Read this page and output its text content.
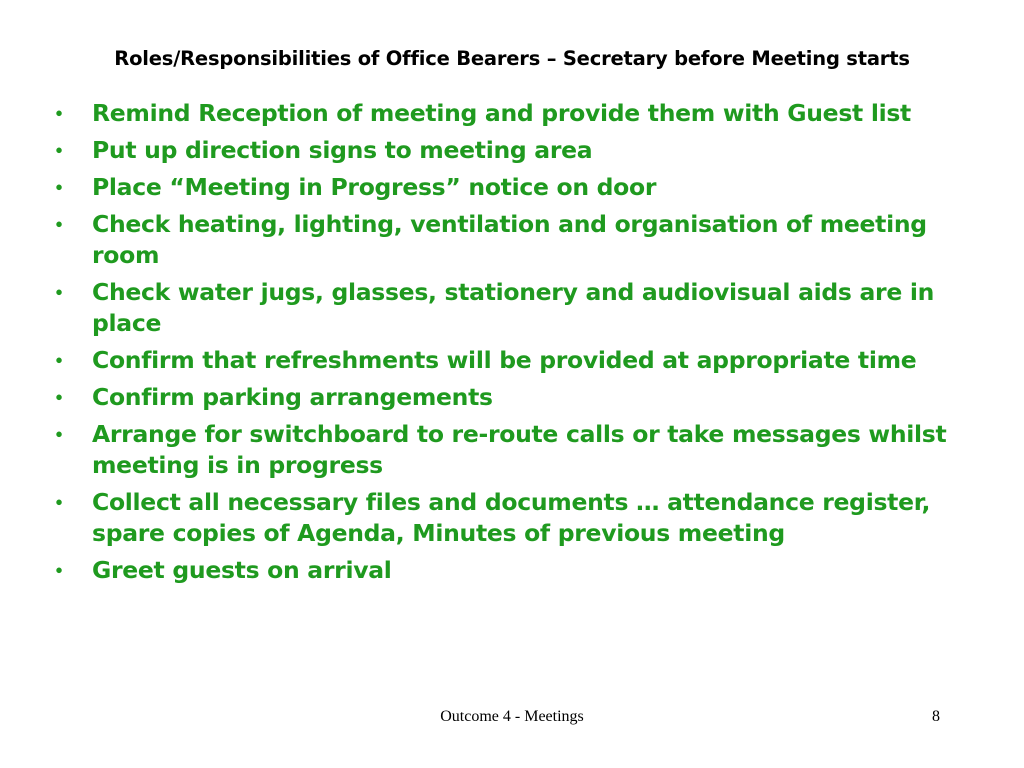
Roles/Responsibilities of Office Bearers – Secretary before Meeting starts
• Remind Reception of meeting and provide them with Guest list
• Put up direction signs to meeting area
• Place “Meeting in Progress” notice on door
• Check heating, lighting, ventilation and organisation of meeting  room
• Check water jugs, glasses, stationery and audiovisual aids are in place
• Confirm that refreshments will be provided at appropriate time
• Confirm parking arrangements
• Arrange for switchboard to re-route calls or take messages whilst meeting is in progress
• Collect all necessary files and documents … attendance register, spare copies of Agenda, Minutes of previous meeting
• Greet guests on arrival
Outcome 4 - Meetings	8
